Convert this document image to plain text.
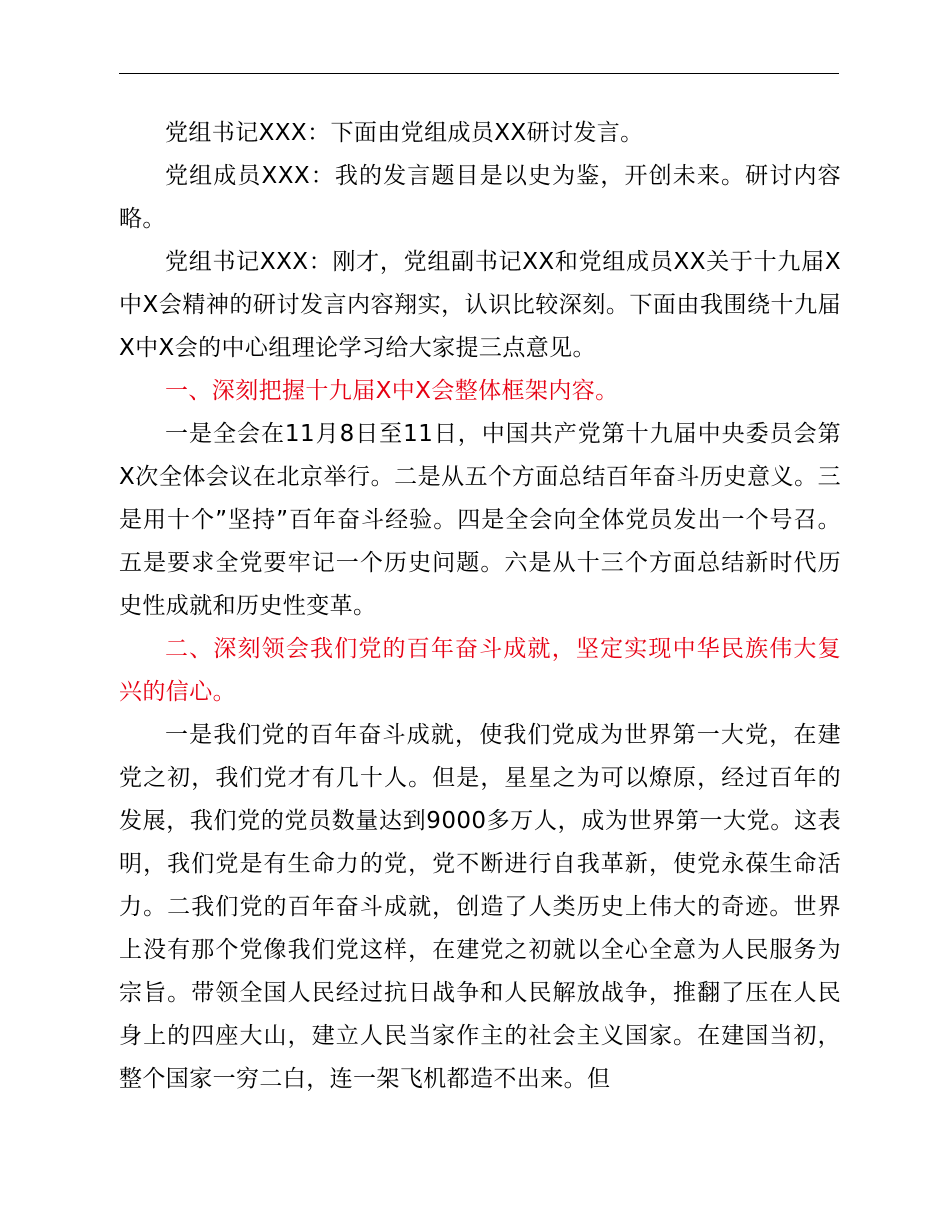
党组书记XXX：下面由党组成员XX研讨发言。

党组成员XXX：我的发言题目是以史为鉴，开创未来。研讨内容略。

党组书记XXX：刚才，党组副书记XX和党组成员XX关于十九届X中X会精神的研讨发言内容翔实，认识比较深刻。下面由我围绕十九届X中X会的中心组理论学习给大家提三点意见。

一、深刻把握十九届X中X会整体框架内容。

一是全会在11月8日至11日，中国共产党第十九届中央委员会第X次全体会议在北京举行。二是从五个方面总结百年奋斗历史意义。三是用十个”坚持”百年奋斗经验。四是全会向全体党员发出一个号召。五是要求全党要牢记一个历史问题。六是从十三个方面总结新时代历史性成就和历史性变革。

二、深刻领会我们党的百年奋斗成就，坚定实现中华民族伟大复兴的信心。

一是我们党的百年奋斗成就，使我们党成为世界第一大党，在建党之初，我们党才有几十人。但是，星星之为可以燎原，经过百年的发展，我们党的党员数量达到9000多万人，成为世界第一大党。这表明，我们党是有生命力的党，党不断进行自我革新，使党永葆生命活力。二我们党的百年奋斗成就，创造了人类历史上伟大的奇迹。世界上没有那个党像我们党这样，在建党之初就以全心全意为人民服务为宗旨。带领全国人民经过抗日战争和人民解放战争，推翻了压在人民身上的四座大山，建立人民当家作主的社会主义国家。在建国当初，整个国家一穷二白，连一架飞机都造不出来。但
